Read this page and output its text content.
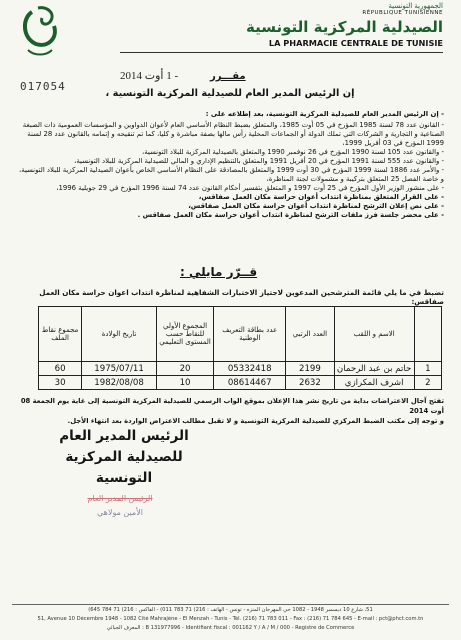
الجمهورية التونسية
RÉPUBLIQUE TUNISIENNE
الصيدلية المركزية التونسية
LA PHARMACIE CENTRALE DE TUNISIE
017054
- 1 أوت 2014	مقـــرر
إن الرئيس المدير العام للصيدلية المركزية التونسية ،
- إن الرئيس المدير العام للصيدلية المركزية التونسية، بعد إطلاعه على :
- القانون عدد 78 لسنة 1985 المؤرخ في 05 أوت 1985، والمتعلق بضبط النظام الأساسي العام لأعوان الدواوين و المؤسسات العمومية ذات الصبغة الصناعية و التجارية و الشركات التي تملك الدولة أو الجماعات المحلية رأس مالها بصفة مباشرة و كليا، كما تم تنقيحه و إتمامه بالقانون عدد 28 لسنة 1999 المؤرخ في 03 أفريل 1999،
- والقانون عدد 105 لسنة 1990 المؤرخ في 26 نوفمبر 1990 والمتعلق بالصيدلية المركزية للبلاد التونسية،
- والقانون عدد 555 لسنة 1991 المؤرخ في 20 أفريل 1991 والمتعلق بالتنظيم الإداري و المالي للصيدلية المركزية للبلاد التونسية،
- والأمر عدد 1886 لسنة 1999 المؤرخ في 30 أوت 1999 والمتعلق بالمصادقة على النظام الأساسي الخاص بأعوان الصيدلية المركزية للبلاد التونسية، و خاصة الفصل 25 المتعلق بتركيبة و مشمولات لجنة المناظرة،
- على منشور الوزير الأول المؤرخ في 25 أوت 1997 و المتعلق بتفسير أحكام القانون عدد 74 لسنة 1996 المؤرخ في 29 جويلية 1996،
- على القرار المتعلق بمناظرة انتداب أعوان حراسة مكان العمل صفاقس،
- على نص إعلان الترشح لمناظرة انتداب أعوان حراسة مكان العمل صفاقس،
- على محضر جلسة فرز ملفات الترشح لمناظرة انتداب أعوان حراسة مكان العمل صفاقس .
قــرّر مايلي :
تضبط في ما يلي قائمة المترشحين المدعوين لاجتياز الاختبارات الشفاهية لمناظرة انتداب اعوان حراسة مكان العمل صفاقس:
	الاسم و اللقب	العدد الرتبي	عدد بطاقة التعريف الوطنية	المجموع الأولي للنقاط حسب المستوى التعليمي	تاريخ الولادة	مجموع نقاط الملف
1	حاتم بن عبد الرحمان	2199	05332418	20	1975/07/11	60
2	اشرف المكرازي	2632	08614467	10	1982/08/08	30
تفتح آجال الاعتراضات بداية من تاريخ نشر هذا الإعلان بموقع الواب الرسمي للصيدلية المركزية التونسية إلى غاية يوم الجمعة 08 أوت 2014
و توجه إلى مكتب الضبط المركزي للصيدلية المركزية التونسية و لا تقبل مطالب الاعتراض الواردة بعد انتهاء الأجل.
الرئيس المدير العام
للصيدلية المركزية التونسية
الرئيس المدير العام
الأمين مولاهي
51، شارع 10 ديسمبر 1948 - 1082 حي المهرجان المنزه - تونس - الهاتف : 216) 71 783 011) - الفاكس : 216) 71 784 645)
51, Avenue 10 Décembre 1948 - 1082 Cité Mahrajène - El Menzah - Tunis - Tél. (216) 71 783 011 - Fax : (216) 71 784 645 - E-mail : pct@phct.com.tn
المعرف الجبائي : B 131977996 - Identifiant fiscal : 001162 Y / A / M / 000 - Registre de Commerce
